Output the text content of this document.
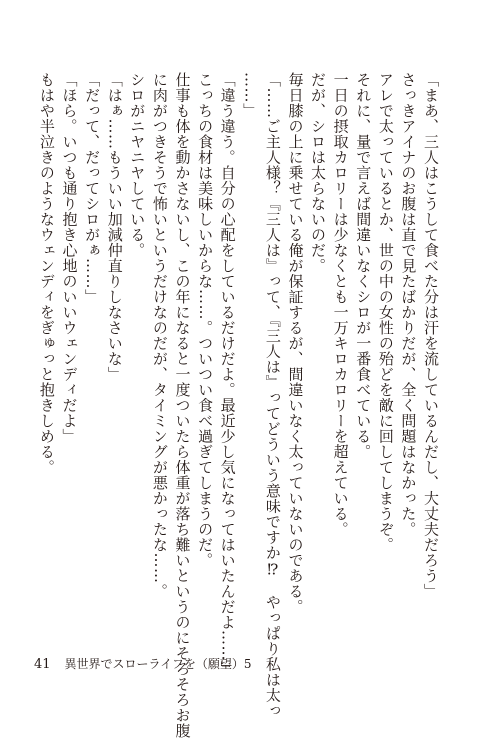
「まあ、三人はこうして食べた分は汗を流しているんだし、大丈夫だろう」

さっきアイナのお腹は直で見たばかりだが、全く問題はなかった。

アレで太っているとか、世の中の女性の殆どを敵に回してしまうぞ。

それに、量で言えば間違いなくシロが一番食べている。

一日の摂取カロリーは少なくとも一万キロカロリーを超えている。

だが、シロは太らないのだ。

毎日膝の上に乗せている俺が保証するが、間違いなく太っていないのである。

「……ご主人様？『三人は』って、『三人は』ってどういう意味ですか⁉　やっぱり私は太っ

……」

「違う違う。自分の心配をしているだけだよ。最近少し気になってはいたんだよ……」

こっちの食材は美味しいからな……。ついつい食べ過ぎてしまうのだ。

仕事も体を動かさないし、この年になると一度ついたら体重が落ち難いというのにそろそろお腹

に肉がつきそうで怖いというだけなのだが、タイミングが悪かったな……。

シロがニヤニヤしている。

「はぁ……もういい加減仲直りしなさいな」

「だって、だってシロがぁ……」

「ほら。いつも通り抱き心地のいいウェンディだよ」

もはや半泣きのようなウェンディをぎゅっと抱きしめる。

41 異世界でスローライフを（願望）5
